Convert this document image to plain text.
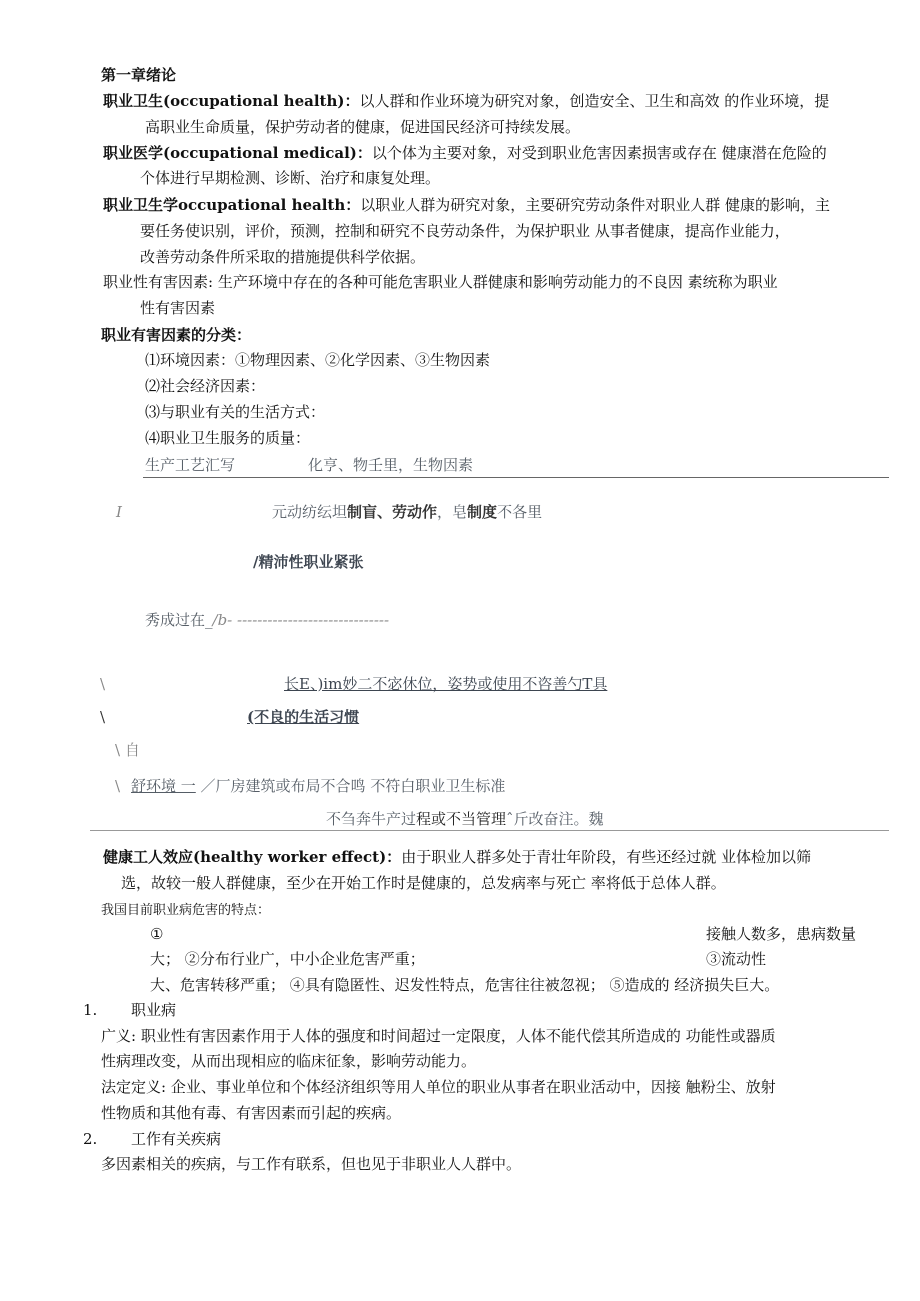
第一章绪论
职业卫生(occupational health)：以人群和作业环境为研究对象，创造安全、卫生和高效 的作业环境，提
高职业生命质量，保护劳动者的健康，促进国民经济可持续发展。
职业医学(occupational medical)：以个体为主要对象，对受到职业危害因素损害或存在 健康潜在危险的
个体进行早期检测、诊断、治疗和康复处理。
职业卫生学occupational health：以职业人群为研究对象，主要研究劳动条件对职业人群 健康的影响，主
要任务使识别，评价，预测，控制和研究不良劳动条件，为保护职业 从事者健康，提高作业能力，
改善劳动条件所采取的措施提供科学依据。
职业性有害因素: 生产环境中存在的各种可能危害职业人群健康和影响劳动能力的不良因 素统称为职业
性有害因素
职业有害因素的分类：
⑴环境因素：①物理因素、②化学因素、③生物因素
⑵社会经济因素：
⑶与职业有关的生活方式：
⑷职业卫生服务的质量：
生产工艺汇写	化亨、物壬里，生物因素
I	元动纺纭坦制盲、劳动作，皂制度不各里
/精沛性职业紧张
秀成过在_/b- ------------------------------
\	长E、)im妙二不宓休位，姿势或使用不咨善勺T具
\	(不良的生活习惯
\ 自
\ 舒环境 一 ／厂房建筑或布局不合鸣 不符白职业卫生标准
不刍奔牛产过程或不当管理ˆ斤改奋注。魏
健康工人效应(healthy worker effect)：由于职业人群多处于青壮年阶段，有些还经过就 业体检加以筛
选，故较一般人群健康，至少在开始工作时是健康的，总发病率与死亡 率将低于总体人群。
我国目前职业病危害的特点：
①	接触人数多，患病数量
大； ②分布行业广，中小企业危害严重；	③流动性
大、危害转移严重； ④具有隐匿性、迟发性特点，危害往往被忽视； ⑤造成的 经济损失巨大。
1. 职业病
广义: 职业性有害因素作用于人体的强度和时间超过一定限度，人体不能代偿其所造成的 功能性或器质
性病理改变，从而出现相应的临床征象，影响劳动能力。
法定定义: 企业、事业单位和个体经济组织等用人单位的职业从事者在职业活动中，因接 触粉尘、放射
性物质和其他有毒、有害因素而引起的疾病。
2. 工作有关疾病
多因素相关的疾病，与工作有联系，但也见于非职业人人群中。
